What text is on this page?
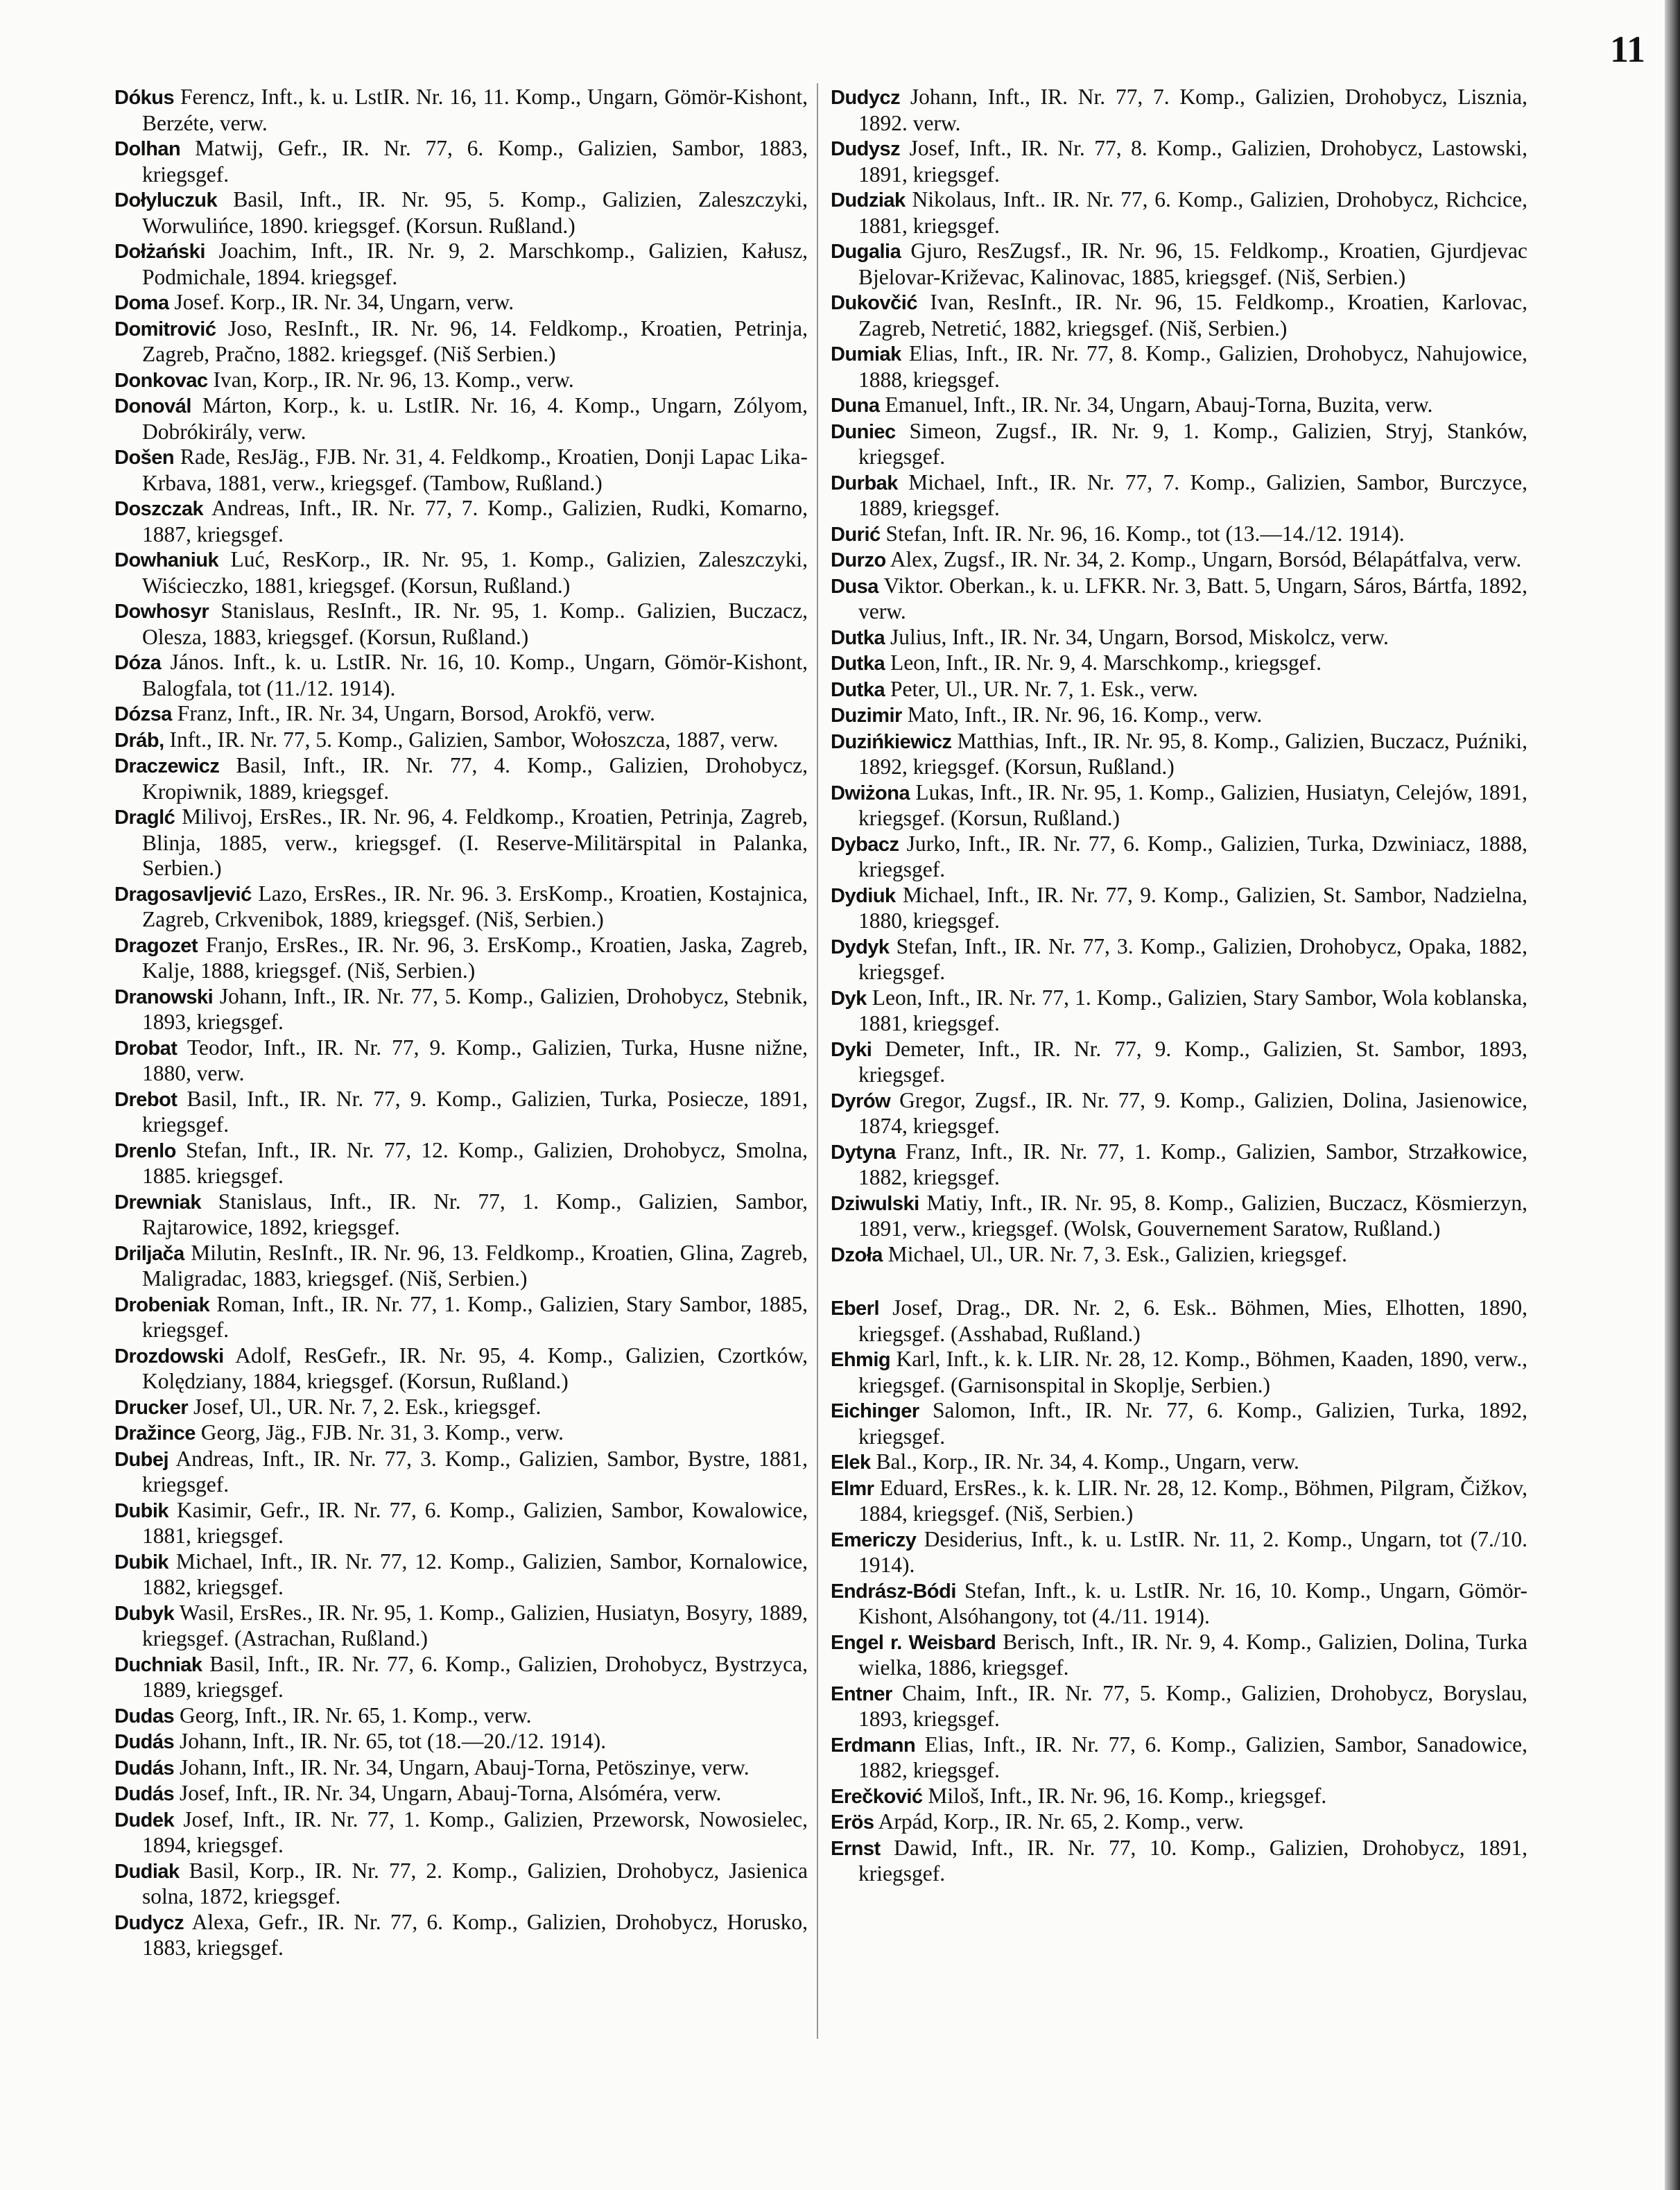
11

Dókus Ferencz, Inft., k. u. LstIR. Nr. 16, 11. Komp., Ungarn, Gömör-Kishont, Berzéte, verw.

Dolhan Matwij, Gefr., IR. Nr. 77, 6. Komp., Galizien, Sambor, 1883, kriegsgef.

Dołyluczuk Basil, Inft., IR. Nr. 95, 5. Komp., Galizien, Zaleszczyki, Worwulińce, 1890. kriegsgef. (Korsun. Rußland.)

Dołżański Joachim, Inft., IR. Nr. 9, 2. Marschkomp., Galizien, Kałusz, Podmichale, 1894. kriegsgef.

Doma Josef. Korp., IR. Nr. 34, Ungarn, verw.

Domitrović Joso, ResInft., IR. Nr. 96, 14. Feldkomp., Kroatien, Petrinja, Zagreb, Pračno, 1882. kriegsgef. (Niš Serbien.)

Donkovac Ivan, Korp., IR. Nr. 96, 13. Komp., verw.

Donovál Márton, Korp., k. u. LstIR. Nr. 16, 4. Komp., Ungarn, Zólyom, Dobrókirály, verw.

Došen Rade, ResJäg., FJB. Nr. 31, 4. Feldkomp., Kroatien, Donji Lapac Lika-Krbava, 1881, verw., kriegsgef. (Tambow, Rußland.)

Doszczak Andreas, Inft., IR. Nr. 77, 7. Komp., Galizien, Rudki, Komarno, 1887, kriegsgef.

Dowhaniuk Luć, ResKorp., IR. Nr. 95, 1. Komp., Galizien, Zaleszczyki, Wiścieczko, 1881, kriegsgef. (Korsun, Rußland.)

Dowhosyr Stanislaus, ResInft., IR. Nr. 95, 1. Komp.. Galizien, Buczacz, Olesza, 1883, kriegsgef. (Korsun, Rußland.)

Dóza János. Inft., k. u. LstIR. Nr. 16, 10. Komp., Ungarn, Gömör-Kishont, Balogfala, tot (11./12. 1914).

Dózsa Franz, Inft., IR. Nr. 34, Ungarn, Borsod, Arokfö, verw.

Dráb, Inft., IR. Nr. 77, 5. Komp., Galizien, Sambor, Wołoszcza, 1887, verw.

Draczewicz Basil, Inft., IR. Nr. 77, 4. Komp., Galizien, Drohobycz, Kropiwnik, 1889, kriegsgef.

Draglć Milivoj, ErsRes., IR. Nr. 96, 4. Feldkomp., Kroatien, Petrinja, Zagreb, Blinja, 1885, verw., kriegsgef. (I. Reserve-Militärspital in Palanka, Serbien.)

Dragosavljević Lazo, ErsRes., IR. Nr. 96. 3. ErsKomp., Kroatien, Kostajnica, Zagreb, Crkvenibok, 1889, kriegsgef. (Niš, Serbien.)

Dragozet Franjo, ErsRes., IR. Nr. 96, 3. ErsKomp., Kroatien, Jaska, Zagreb, Kalje, 1888, kriegsgef. (Niš, Serbien.)

Dranowski Johann, Inft., IR. Nr. 77, 5. Komp., Galizien, Drohobycz, Stebnik, 1893, kriegsgef.

Drobat Teodor, Inft., IR. Nr. 77, 9. Komp., Galizien, Turka, Husne nižne, 1880, verw.

Drebot Basil, Inft., IR. Nr. 77, 9. Komp., Galizien, Turka, Posiecze, 1891, kriegsgef.

Drenlo Stefan, Inft., IR. Nr. 77, 12. Komp., Galizien, Drohobycz, Smolna, 1885. kriegsgef.

Drewniak Stanislaus, Inft., IR. Nr. 77, 1. Komp., Galizien, Sambor, Rajtarowice, 1892, kriegsgef.

Driljača Milutin, ResInft., IR. Nr. 96, 13. Feldkomp., Kroatien, Glina, Zagreb, Maligradac, 1883, kriegsgef. (Niš, Serbien.)

Drobeniak Roman, Inft., IR. Nr. 77, 1. Komp., Galizien, Stary Sambor, 1885, kriegsgef.

Drozdowski Adolf, ResGefr., IR. Nr. 95, 4. Komp., Galizien, Czortków, Kolędziany, 1884, kriegsgef. (Korsun, Rußland.)

Drucker Josef, Ul., UR. Nr. 7, 2. Esk., kriegsgef.

Dražince Georg, Jäg., FJB. Nr. 31, 3. Komp., verw.

Dubej Andreas, Inft., IR. Nr. 77, 3. Komp., Galizien, Sambor, Bystre, 1881, kriegsgef.

Dubik Kasimir, Gefr., IR. Nr. 77, 6. Komp., Galizien, Sambor, Kowalowice, 1881, kriegsgef.

Dubik Michael, Inft., IR. Nr. 77, 12. Komp., Galizien, Sambor, Kornalowice, 1882, kriegsgef.

Dubyk Wasil, ErsRes., IR. Nr. 95, 1. Komp., Galizien, Husiatyn, Bosyry, 1889, kriegsgef. (Astrachan, Rußland.)

Duchniak Basil, Inft., IR. Nr. 77, 6. Komp., Galizien, Drohobycz, Bystrzyca, 1889, kriegsgef.

Dudas Georg, Inft., IR. Nr. 65, 1. Komp., verw.

Dudás Johann, Inft., IR. Nr. 65, tot (18.—20./12. 1914).

Dudás Johann, Inft., IR. Nr. 34, Ungarn, Abauj-Torna, Petöszinye, verw.

Dudás Josef, Inft., IR. Nr. 34, Ungarn, Abauj-Torna, Alsóméra, verw.

Dudek Josef, Inft., IR. Nr. 77, 1. Komp., Galizien, Przeworsk, Nowosielec, 1894, kriegsgef.

Dudiak Basil, Korp., IR. Nr. 77, 2. Komp., Galizien, Drohobycz, Jasienica solna, 1872, kriegsgef.

Dudycz Alexa, Gefr., IR. Nr. 77, 6. Komp., Galizien, Drohobycz, Horusko, 1883, kriegsgef.

Dudycz Johann, Inft., IR. Nr. 77, 7. Komp., Galizien, Drohobycz, Lisznia, 1892. verw.

Dudysz Josef, Inft., IR. Nr. 77, 8. Komp., Galizien, Drohobycz, Lastowski, 1891, kriegsgef.

Dudziak Nikolaus, Inft.. IR. Nr. 77, 6. Komp., Galizien, Drohobycz, Richcice, 1881, kriegsgef.

Dugalia Gjuro, ResZugsf., IR. Nr. 96, 15. Feldkomp., Kroatien, Gjurdjevac Bjelovar-Križevac, Kalinovac, 1885, kriegsgef. (Niš, Serbien.)

Dukovčić Ivan, ResInft., IR. Nr. 96, 15. Feldkomp., Kroatien, Karlovac, Zagreb, Netretić, 1882, kriegsgef. (Niš, Serbien.)

Dumiak Elias, Inft., IR. Nr. 77, 8. Komp., Galizien, Drohobycz, Nahujowice, 1888, kriegsgef.

Duna Emanuel, Inft., IR. Nr. 34, Ungarn, Abauj-Torna, Buzita, verw.

Duniec Simeon, Zugsf., IR. Nr. 9, 1. Komp., Galizien, Stryj, Stanków, kriegsgef.

Durbak Michael, Inft., IR. Nr. 77, 7. Komp., Galizien, Sambor, Burczyce, 1889, kriegsgef.

Durić Stefan, Inft. IR. Nr. 96, 16. Komp., tot (13.—14./12. 1914).

Durzo Alex, Zugsf., IR. Nr. 34, 2. Komp., Ungarn, Borsód, Bélapátfalva, verw.

Dusa Viktor. Oberkan., k. u. LFKR. Nr. 3, Batt. 5, Ungarn, Sáros, Bártfa, 1892, verw.

Dutka Julius, Inft., IR. Nr. 34, Ungarn, Borsod, Miskolcz, verw.

Dutka Leon, Inft., IR. Nr. 9, 4. Marschkomp., kriegsgef.

Dutka Peter, Ul., UR. Nr. 7, 1. Esk., verw.

Duzimir Mato, Inft., IR. Nr. 96, 16. Komp., verw.

Duzińkiewicz Matthias, Inft., IR. Nr. 95, 8. Komp., Galizien, Buczacz, Puźniki, 1892, kriegsgef. (Korsun, Rußland.)

Dwiżona Lukas, Inft., IR. Nr. 95, 1. Komp., Galizien, Husiatyn, Celejów, 1891, kriegsgef. (Korsun, Rußland.)

Dybacz Jurko, Inft., IR. Nr. 77, 6. Komp., Galizien, Turka, Dzwiniacz, 1888, kriegsgef.

Dydiuk Michael, Inft., IR. Nr. 77, 9. Komp., Galizien, St. Sambor, Nadzielna, 1880, kriegsgef.

Dydyk Stefan, Inft., IR. Nr. 77, 3. Komp., Galizien, Drohobycz, Opaka, 1882, kriegsgef.

Dyk Leon, Inft., IR. Nr. 77, 1. Komp., Galizien, Stary Sambor, Wola koblanska, 1881, kriegsgef.

Dyki Demeter, Inft., IR. Nr. 77, 9. Komp., Galizien, St. Sambor, 1893, kriegsgef.

Dyrów Gregor, Zugsf., IR. Nr. 77, 9. Komp., Galizien, Dolina, Jasienowice, 1874, kriegsgef.

Dytyna Franz, Inft., IR. Nr. 77, 1. Komp., Galizien, Sambor, Strzałkowice, 1882, kriegsgef.

Dziwulski Matiy, Inft., IR. Nr. 95, 8. Komp., Galizien, Buczacz, Kösmierzyn, 1891, verw., kriegsgef. (Wolsk, Gouvernement Saratow, Rußland.)

Dzoła Michael, Ul., UR. Nr. 7, 3. Esk., Galizien, kriegsgef.

Eberl Josef, Drag., DR. Nr. 2, 6. Esk.. Böhmen, Mies, Elhotten, 1890, kriegsgef. (Asshabad, Rußland.)

Ehmig Karl, Inft., k. k. LIR. Nr. 28, 12. Komp., Böhmen, Kaaden, 1890, verw., kriegsgef. (Garnisonspital in Skoplje, Serbien.)

Eichinger Salomon, Inft., IR. Nr. 77, 6. Komp., Galizien, Turka, 1892, kriegsgef.

Elek Bal., Korp., IR. Nr. 34, 4. Komp., Ungarn, verw.

Elmr Eduard, ErsRes., k. k. LIR. Nr. 28, 12. Komp., Böhmen, Pilgram, Čižkov, 1884, kriegsgef. (Niš, Serbien.)

Emericzy Desiderius, Inft., k. u. LstIR. Nr. 11, 2. Komp., Ungarn, tot (7./10. 1914).

Endrász-Bódi Stefan, Inft., k. u. LstIR. Nr. 16, 10. Komp., Ungarn, Gömör-Kishont, Alsóhangony, tot (4./11. 1914).

Engel r. Weisbard Berisch, Inft., IR. Nr. 9, 4. Komp., Galizien, Dolina, Turka wielka, 1886, kriegsgef.

Entner Chaim, Inft., IR. Nr. 77, 5. Komp., Galizien, Drohobycz, Boryslau, 1893, kriegsgef.

Erdmann Elias, Inft., IR. Nr. 77, 6. Komp., Galizien, Sambor, Sanadowice, 1882, kriegsgef.

Erečković Miloš, Inft., IR. Nr. 96, 16. Komp., kriegsgef.

Erös Arpád, Korp., IR. Nr. 65, 2. Komp., verw.

Ernst Dawid, Inft., IR. Nr. 77, 10. Komp., Galizien, Drohobycz, 1891, kriegsgef.
